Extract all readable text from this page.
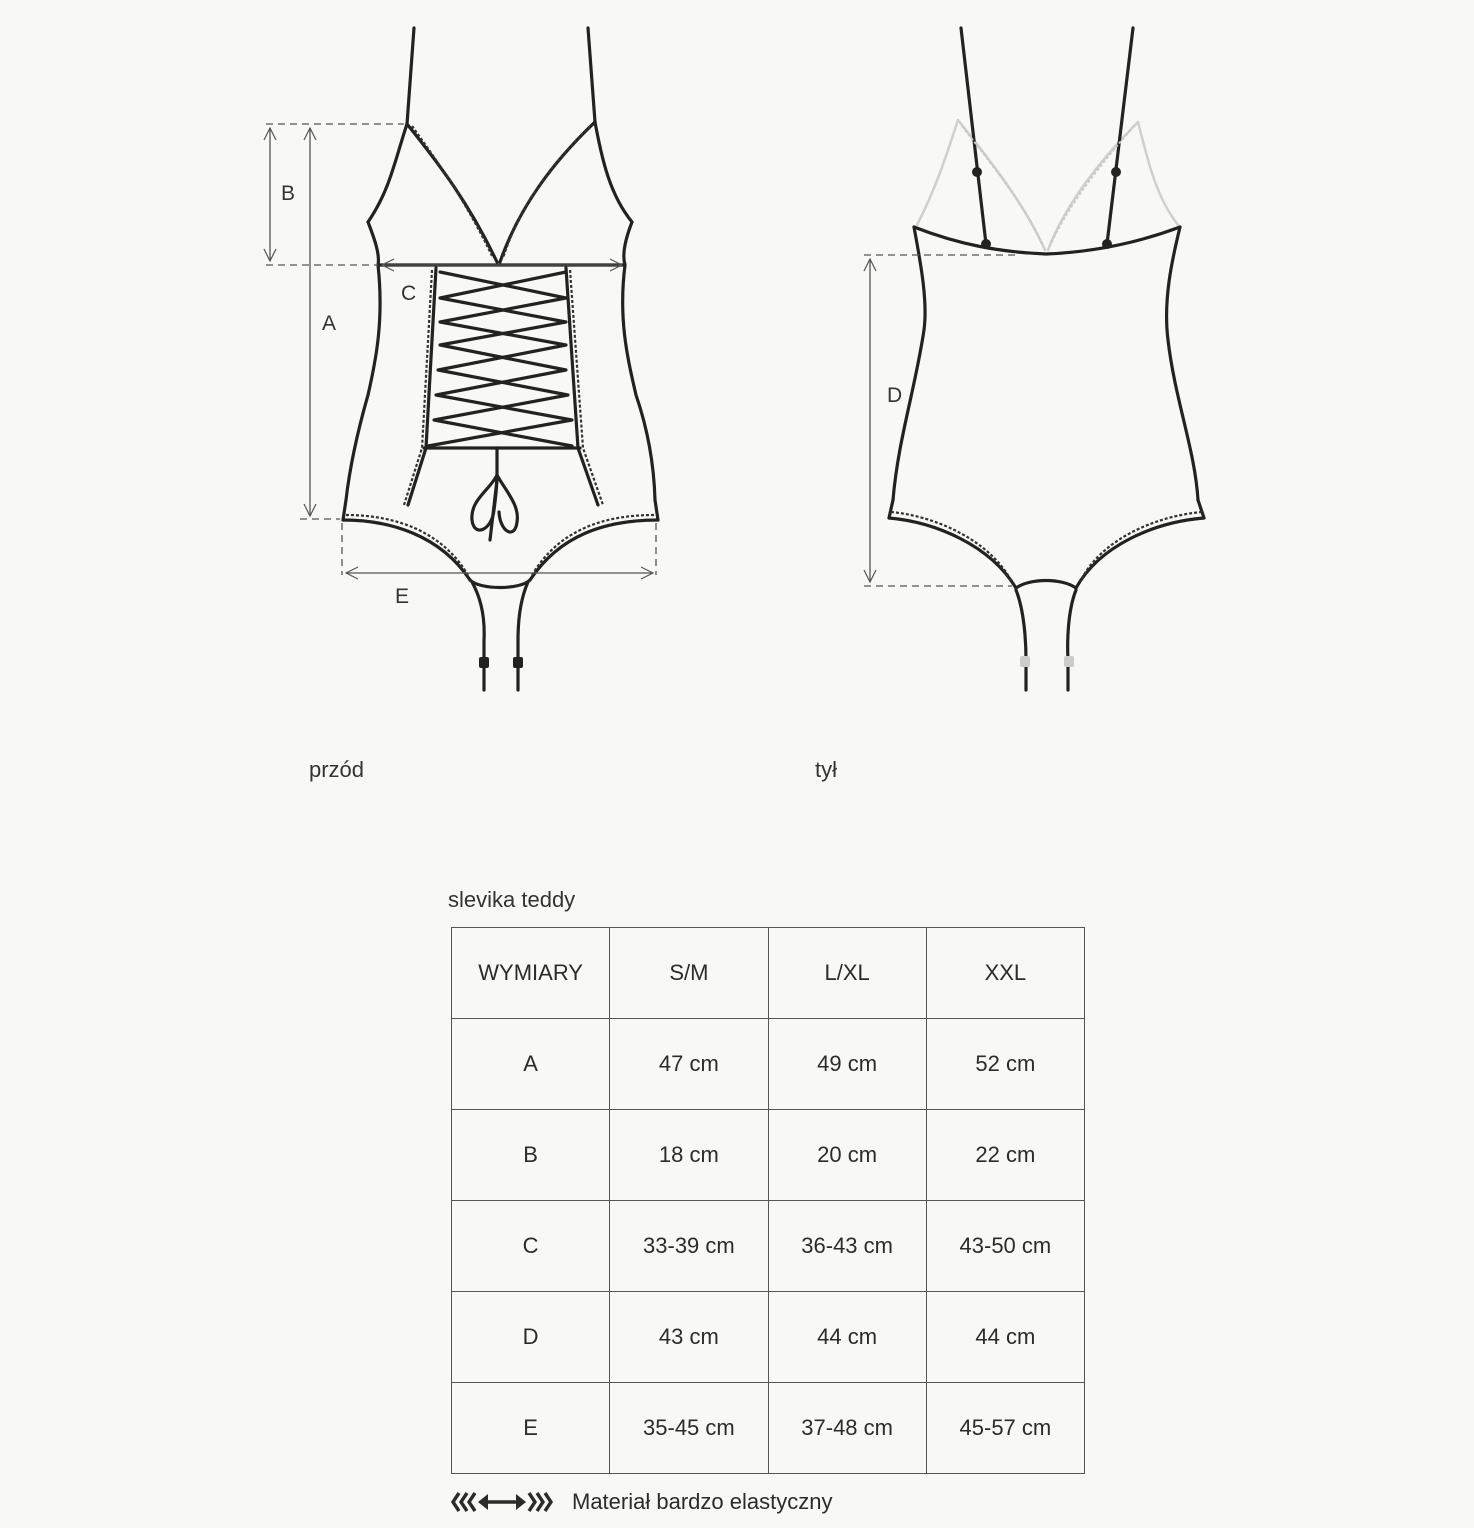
B
A
C
E
D
przód	tył
slevika teddy
WYMIARY	S/M	L/XL	XXL
A	47 cm	49 cm	52 cm
B	18 cm	20 cm	22 cm
C	33-39 cm	36-43 cm	43-50 cm
D	43 cm	44 cm	44 cm
E	35-45 cm	37-48 cm	45-57 cm
Materiał bardzo elastyczny
